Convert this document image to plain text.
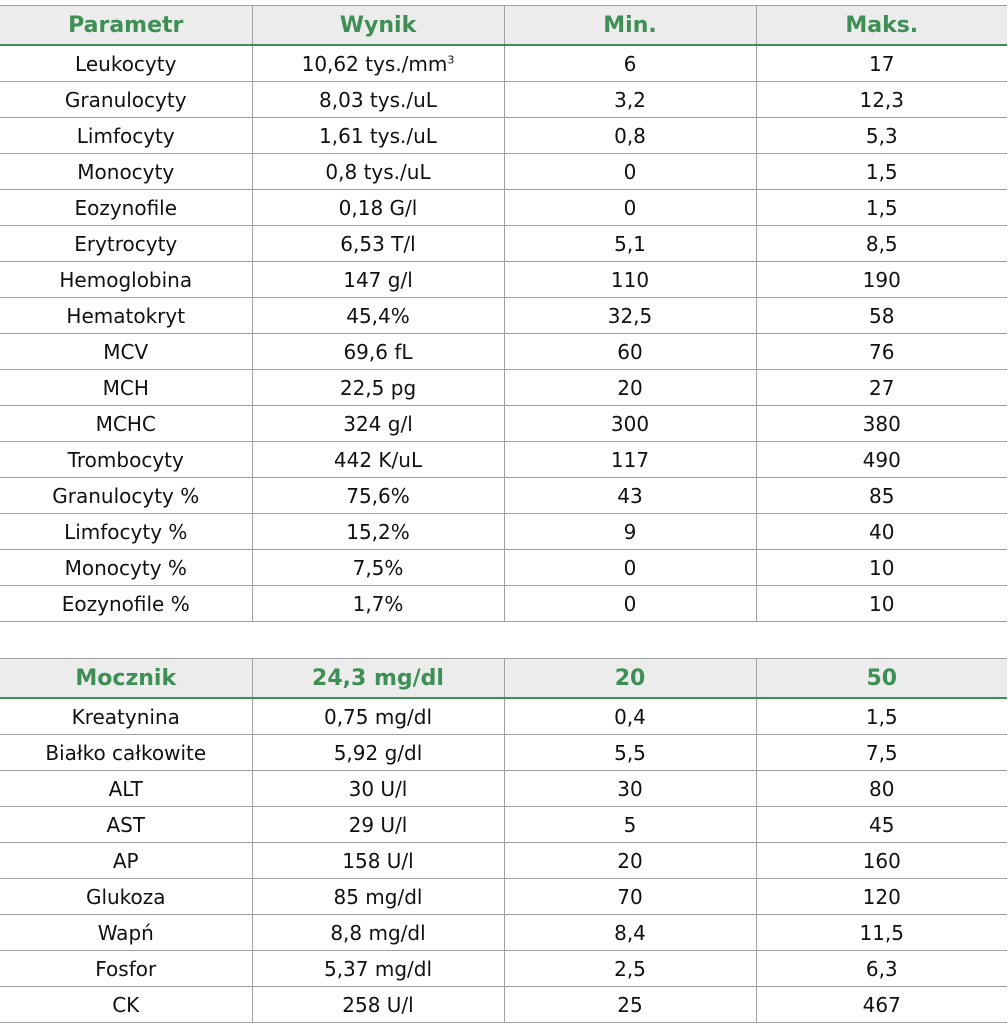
Parametr	Wynik	Min.	Maks.
Leukocyty	10,62 $tys./mm^3$	6	17
Granulocyty	8,03 tys./uL	3,2	12,3
Limfocyty	1,61 tys./uL	0,8	5,3
Monocyty	0,8 tys./uL	0	1,5
Eozynofile	0,18 G/l	0	1,5
Erytrocyty	6,53 T/l	5,1	8,5
Hemoglobina	147 g/l	110	190
Hematokryt	45,4%	32,5	58
MCV	69,6 fL	60	76
MCH	22,5 pg	20	27
MCHC	324 g/l	300	380
Trombocyty	442 K/uL	117	490
Granulocyty %	75,6%	43	85
Limfocyty %	15,2%	9	40
Monocyty %	7,5%	0	10
Eozynofile %	1,7%	0	10
Mocznik	24,3 mg/dl	20	50
Kreatynina	0,75 mg/dl	0,4	1,5
Białko całkowite	5,92 g/dl	5,5	7,5
ALT	30 U/l	30	80
AST	29 U/l	5	45
AP	158 U/l	20	160
Glukoza	85 mg/dl	70	120
Wapń	8,8 mg/dl	8,4	11,5
Fosfor	5,37 mg/dl	2,5	6,3
CK	258 U/l	25	467
